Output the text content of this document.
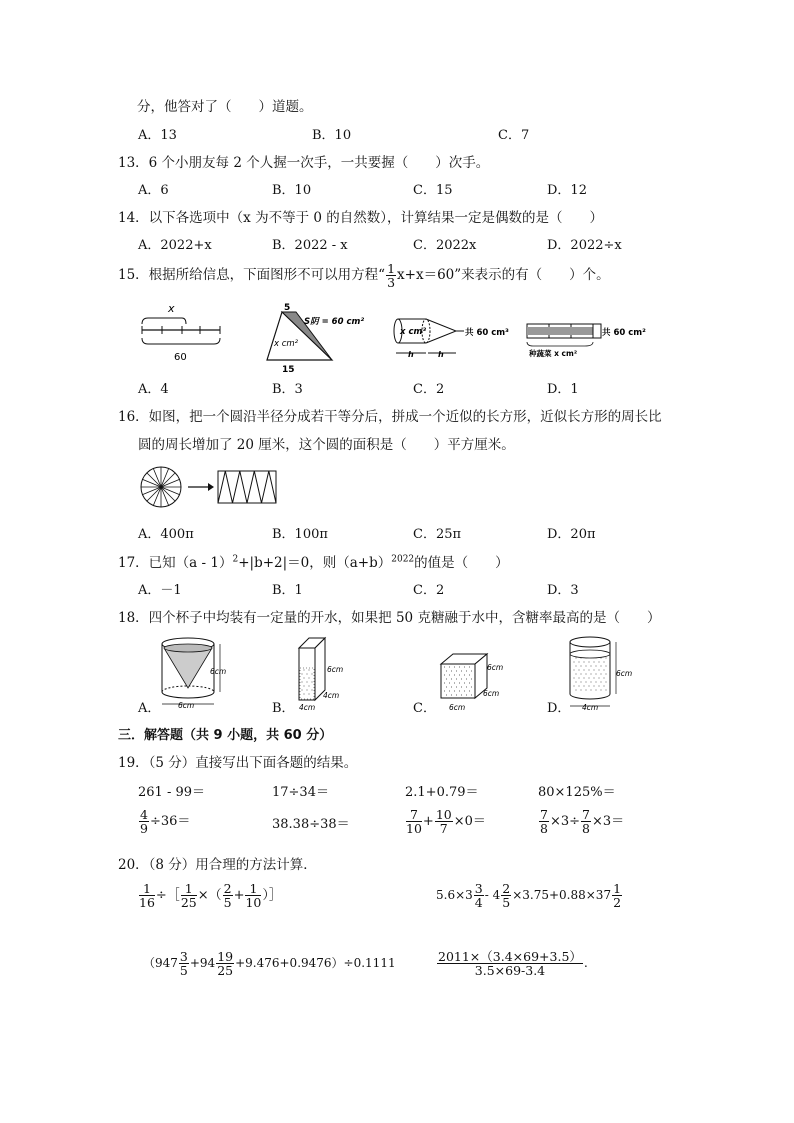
分，他答对了（　　）道题。
A．13	B．10	C．7
13．6 个小朋友每 2 个人握一次手，一共要握（　　）次手。
A．6	B．10	C．15	D．12
14．以下各选项中（x 为不等于 0 的自然数），计算结果一定是偶数的是（　　）
A．2022+x	B．2022 - x	C．2022x	D．2022÷x
15．根据所给信息，下面图形不可以用方程“ $\frac{1}{3} x+x=60$”来表示的有（　　）个。
x
60
5
S阴 = 60 cm²
x cm²
15
x cm³	共 60 cm³
h	h
共 60 cm²
种蔬菜 x cm²
A．4	B．3	C．2	D．1
16．如图，把一个圆沿半径分成若干等分后，拼成一个近似的长方形，近似长方形的周长比
圆的周长增加了 20 厘米，这个圆的面积是（　　）平方厘米。
A．400π	B．100π	C．25π	D．20π
17．已知（a - 1）$^2$+|b+2|＝0，则$(a+b)^{2022}$的值是（　　）
A．－1	B．1	C．2	D．3
18．四个杯子中均装有一定量的开水，如果把 50 克糖融于水中，含糖率最高的是（　　）
6cm
6cm
A．
6cm
4cm
4cm
B．
6cm
6cm
6cm
C．
6cm
4cm
D．
三．解答题（共 9 小题，共 60 分）
19．（5 分）直接写出下面各题的结果。
261 - 99＝	17÷34＝	2.1+0.79＝	80×125%＝
$\frac{4}{9} \div 36=$	38.38÷38＝	$\frac{7}{10} + \frac{10}{7} \times 0=$	$\frac{7}{8} \times 3\div \frac{7}{8} \times 3=$
20．（8 分）用合理的方法计算．
$\frac{1}{16}$ ÷［ $\frac{1}{25}$ ×（ $\frac{2}{5} + \frac{1}{10}$ ）］	$5.6\times 3 \frac{3}{4} - 4 \frac{2}{5} \times 3.75+0.88\times 37 \frac{1}{2}$
$(947 \frac{3}{5} +94 \frac{19}{25} +9.476+0.9476)\div 0.1111$	$\frac{2011\times(3.4\times 69+3.5)}{3.5\times 69-3.4}$ .
